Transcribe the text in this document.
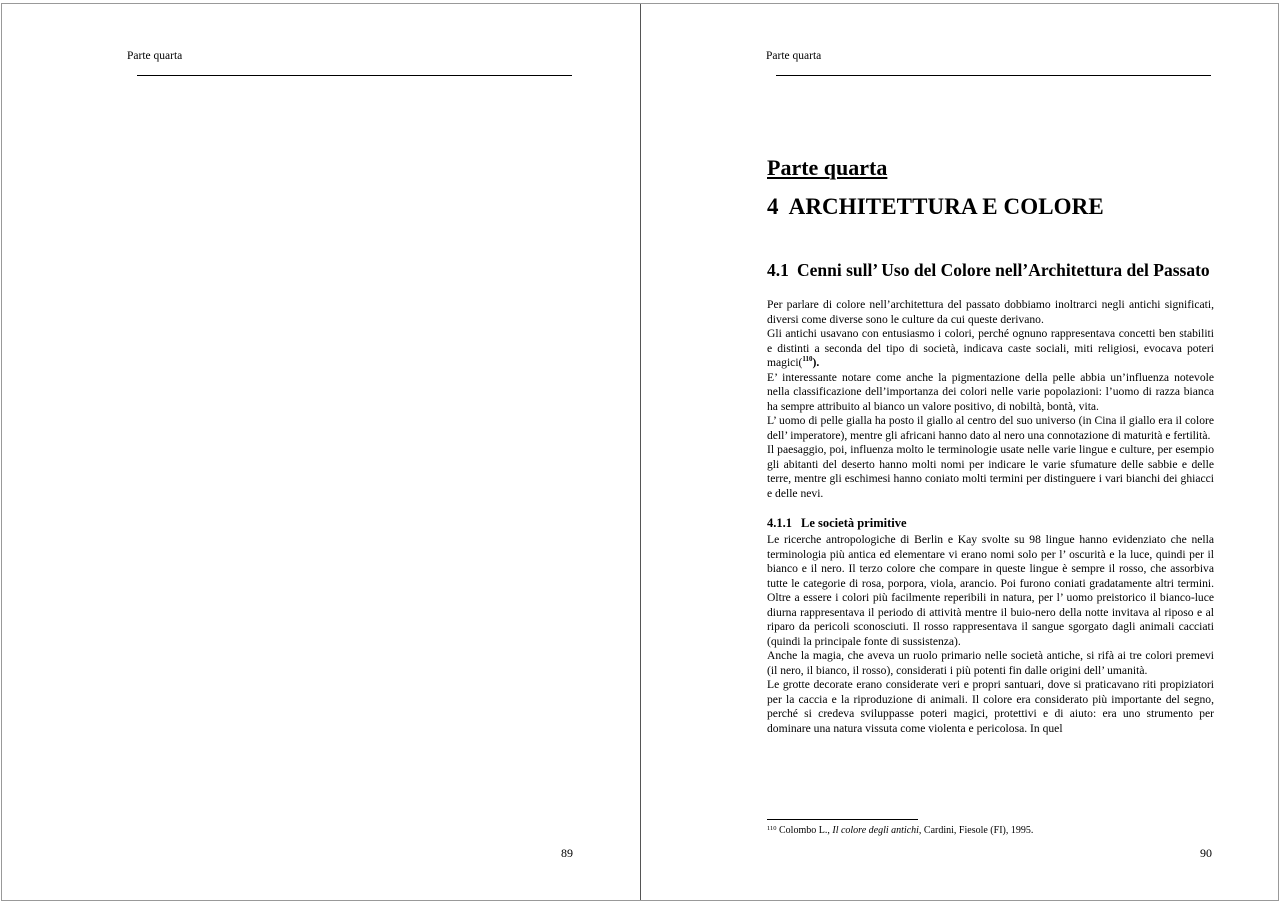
Parte quarta
89
Parte quarta
Parte quarta
4 ARCHITETTURA E COLORE
4.1 Cenni sull’ Uso del Colore nell’Architettura del Passato

Per parlare di colore nell’architettura del passato dobbiamo inoltrarci negli antichi significati, diversi come diverse sono le culture da cui queste derivano.

Gli antichi usavano con entusiasmo i colori, perché ognuno rappresentava concetti ben stabiliti e distinti a seconda del tipo di società, indicava caste sociali, miti religiosi, evocava poteri magici($^{110}$).

E’ interessante notare come anche la pigmentazione della pelle abbia un’influenza notevole nella classificazione dell’importanza dei colori nelle varie popolazioni: l’uomo di razza bianca ha sempre attribuito al bianco un valore positivo, di nobiltà, bontà, vita.

L’ uomo di pelle gialla ha posto il giallo al centro del suo universo (in Cina il giallo era il colore dell’ imperatore), mentre gli africani hanno dato al nero una connotazione di maturità e fertilità.

Il paesaggio, poi, influenza molto le terminologie usate nelle varie lingue e culture, per esempio gli abitanti del deserto hanno molti nomi per indicare le varie sfumature delle sabbie e delle terre, mentre gli eschimesi hanno coniato molti termini per distinguere i vari bianchi dei ghiacci e delle nevi.

4.1.1 Le società primitive

Le ricerche antropologiche di Berlin e Kay svolte su 98 lingue hanno evidenziato che nella terminologia più antica ed elementare vi erano nomi solo per l’ oscurità e la luce, quindi per il bianco e il nero. Il terzo colore che compare in queste lingue è sempre il rosso, che assorbiva tutte le categorie di rosa, porpora, viola, arancio. Poi furono coniati gradatamente altri termini. Oltre a essere i colori più facilmente reperibili in natura, per l’ uomo preistorico il bianco-luce diurna rappresentava il periodo di attività mentre il buio-nero della notte invitava al riposo e al riparo da pericoli sconosciuti. Il rosso rappresentava il sangue sgorgato dagli animali cacciati (quindi la principale fonte di sussistenza).

Anche la magia, che aveva un ruolo primario nelle società antiche, si rifà ai tre colori premevi (il nero, il bianco, il rosso), considerati i più potenti fin dalle origini dell’ umanità.

Le grotte decorate erano considerate veri e propri santuari, dove si praticavano riti propiziatori per la caccia e la riproduzione di animali. Il colore era considerato più importante del segno, perché si credeva sviluppasse poteri magici, protettivi e di aiuto: era uno strumento per dominare una natura vissuta come violenta e pericolosa. In quel

$^{110}$ Colombo L., Il colore degli antichi, Cardini, Fiesole (FI), 1995.
90
